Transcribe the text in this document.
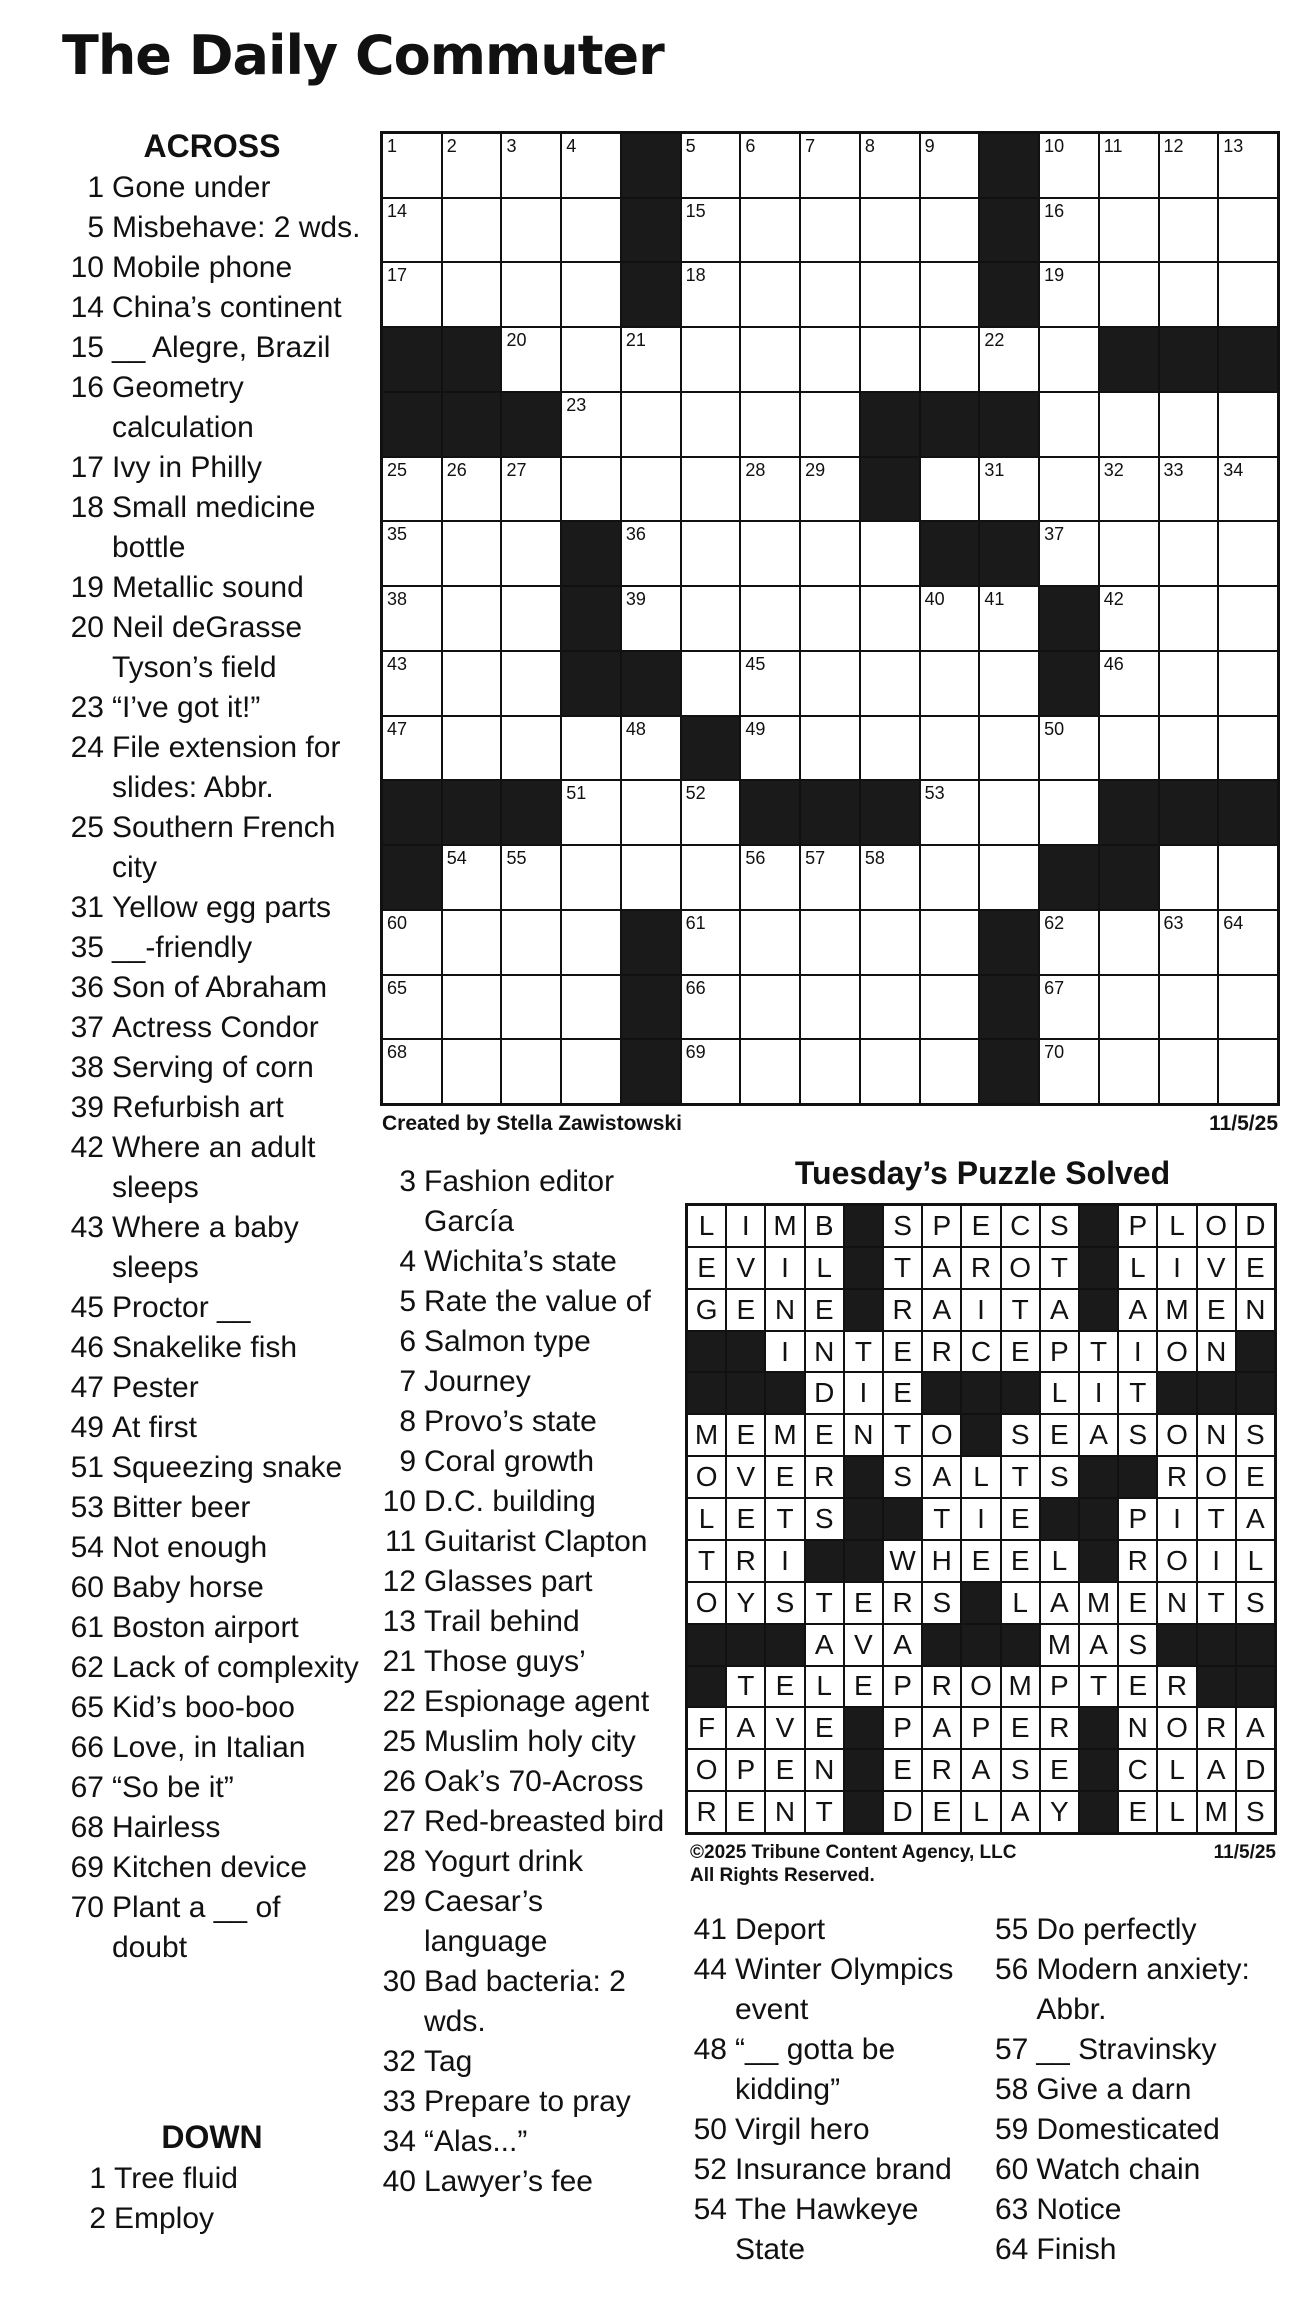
The Daily Commuter
ACROSS
1 Gone under
5 Misbehave: 2 wds.
10 Mobile phone
14 China’s continent
15 __ Alegre, Brazil
16 Geometry calculation
17 Ivy in Philly
18 Small medicine bottle
19 Metallic sound
20 Neil deGrasse Tyson’s field
23 “I’ve got it!”
24 File extension for slides: Abbr.
25 Southern French city
31 Yellow egg parts
35 __-friendly
36 Son of Abraham
37 Actress Condor
38 Serving of corn
39 Refurbish art
42 Where an adult sleeps
43 Where a baby sleeps
45 Proctor __
46 Snakelike fish
47 Pester
49 At first
51 Squeezing snake
53 Bitter beer
54 Not enough
60 Baby horse
61 Boston airport
62 Lack of complexity
65 Kid’s boo-boo
66 Love, in Italian
67 “So be it”
68 Hairless
69 Kitchen device
70 Plant a __ of doubt
DOWN
1 Tree fluid
2 Employ
3 Fashion editor García
4 Wichita’s state
5 Rate the value of
6 Salmon type
7 Journey
8 Provo’s state
9 Coral growth
10 D.C. building
11 Guitarist Clapton
12 Glasses part
13 Trail behind
21 Those guys’
22 Espionage agent
25 Muslim holy city
26 Oak’s 70-Across
27 Red-breasted bird
28 Yogurt drink
29 Caesar’s language
30 Bad bacteria: 2 wds.
32 Tag
33 Prepare to pray
34 “Alas...”
40 Lawyer’s fee
41 Deport
44 Winter Olympics event
48 “__ gotta be kidding”
50 Virgil hero
52 Insurance brand
54 The Hawkeye State
55 Do perfectly
56 Modern anxiety: Abbr.
57 __ Stravinsky
58 Give a darn
59 Domesticated
60 Watch chain
63 Notice
64 Finish
1	2	3	4	5	6	7	8	9	10 11 12 13
14	15	16
17	18	19
20	21	22
23
25 26 27	28 29	31	32 33 34
35	36	37
38	39	40 41	42
43	45	46
47	48	49	50
51	52	53
54 55	56 57 58
60	61	62	63 64
65	66	67
68	69	70
Created by Stella Zawistowski	11/5/25
Tuesday’s Puzzle Solved
L I M B	S P E C S	P L O D
E V I L	T A R O T	L I V E
G E N E	R A I T A	A M E N
I N T E R C E P T I O N
D I E	L I T
M E M E N T O	S E A S O N S
O V E R	S A L T S	R O E
L E T S	T I E	P I T A
T R I	W H E E L	R O I L
O Y S T E R S	L A M E N T S
A V A	M A S
T E L E P R O M P T E R
F A V E	P A P E R	N O R A
O P E N	E R A S E	C L A D
R E N T	D E L A Y	E L M S
©2025 Tribune Content Agency, LLC
All Rights Reserved.
11/5/25
